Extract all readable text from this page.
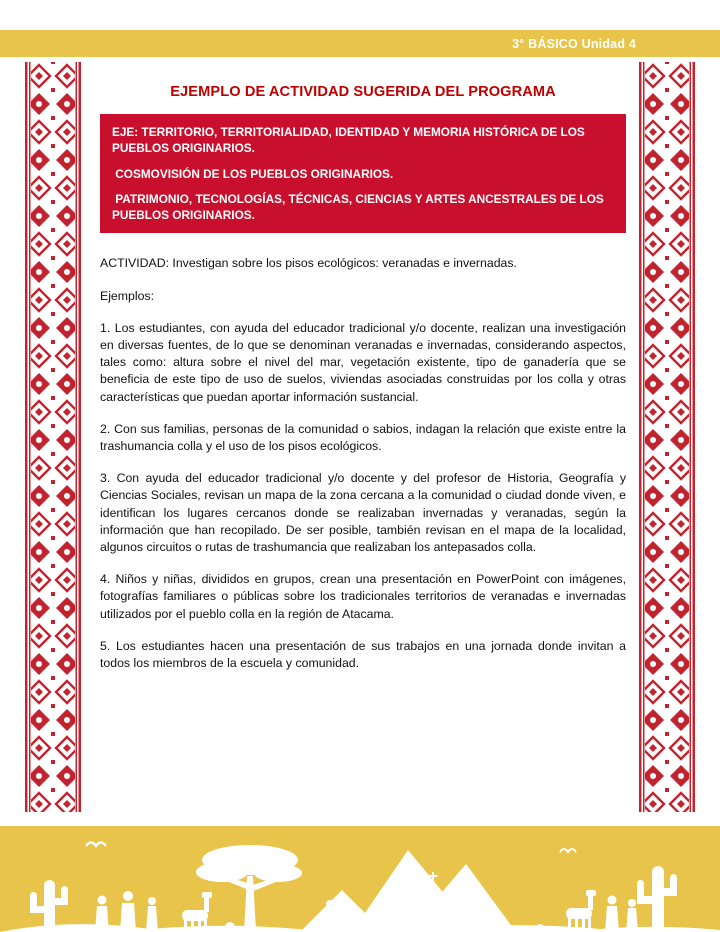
3° BÁSICO Unidad 4
EJEMPLO DE ACTIVIDAD SUGERIDA DEL PROGRAMA

EJE: TERRITORIO, TERRITORIALIDAD, IDENTIDAD Y MEMORIA HISTÓRICA DE LOS PUEBLOS ORIGINARIOS.

COSMOVISIÓN DE LOS PUEBLOS ORIGINARIOS.

PATRIMONIO, TECNOLOGÍAS, TÉCNICAS, CIENCIAS Y ARTES ANCESTRALES DE LOS PUEBLOS ORIGINARIOS.

ACTIVIDAD: Investigan sobre los pisos ecológicos: veranadas e invernadas.

Ejemplos:

1. Los estudiantes, con ayuda del educador tradicional y/o docente, realizan una investigación en diversas fuentes, de lo que se denominan veranadas e invernadas, considerando aspectos, tales como: altura sobre el nivel del mar, vegetación existente, tipo de ganadería que se beneficia de este tipo de uso de suelos, viviendas asociadas construidas por los colla y otras características que puedan aportar información sustancial.

2. Con sus familias, personas de la comunidad o sabios, indagan la relación que existe entre la trashumancia colla y el uso de los pisos ecológicos.

3. Con ayuda del educador tradicional y/o docente y del profesor de Historia, Geografía y Ciencias Sociales, revisan un mapa de la zona cercana a la comunidad o ciudad donde viven, e identifican los lugares cercanos donde se realizaban invernadas y veranadas, según la información que han recopilado. De ser posible, también revisan en el mapa de la localidad, algunos circuitos o rutas de trashumancia que realizaban los antepasados colla.

4. Niños y niñas, divididos en grupos, crean una presentación en PowerPoint con imágenes, fotografías familiares o públicas sobre los tradicionales territorios de veranadas e invernadas utilizados por el pueblo colla en la región de Atacama.

5. Los estudiantes hacen una presentación de sus trabajos en una jornada donde invitan a todos los miembros de la escuela y comunidad.
